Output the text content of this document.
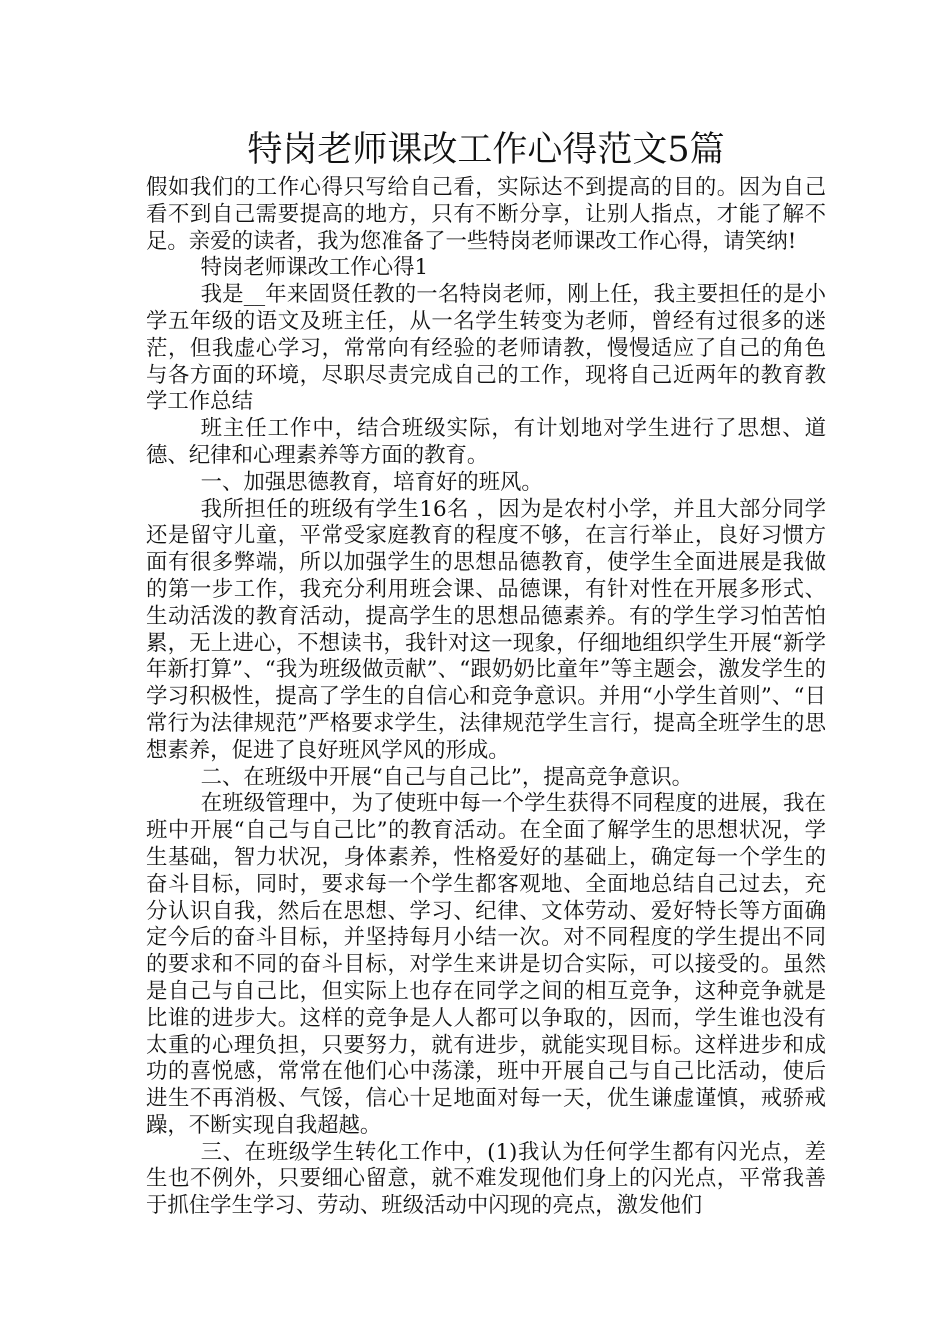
特岗老师课改工作心得范文5篇

假如我们的工作心得只写给自己看，实际达不到提高的目的。因为自己看不到自己需要提高的地方，只有不断分享，让别人指点，才能了解不足。亲爱的读者，我为您准备了一些特岗老师课改工作心得，请笑纳!

特岗老师课改工作心得1

我是__年来固贤任教的一名特岗老师，刚上任，我主要担任的是小学五年级的语文及班主任，从一名学生转变为老师，曾经有过很多的迷茫，但我虚心学习，常常向有经验的老师请教，慢慢适应了自己的角色与各方面的环境，尽职尽责完成自己的工作，现将自己近两年的教育教学工作总结

班主任工作中，结合班级实际，有计划地对学生进行了思想、道德、纪律和心理素养等方面的教育。

一、加强思德教育，培育好的班风。

我所担任的班级有学生16名 ，因为是农村小学，并且大部分同学还是留守儿童，平常受家庭教育的程度不够，在言行举止，良好习惯方面有很多弊端，所以加强学生的思想品德教育，使学生全面进展是我做的第一步工作，我充分利用班会课、品德课，有针对性在开展多形式、生动活泼的教育活动，提高学生的思想品德素养。有的学生学习怕苦怕累，无上进心，不想读书，我针对这一现象，仔细地组织学生开展“新学年新打算”、“我为班级做贡献”、“跟奶奶比童年”等主题会，激发学生的学习积极性，提高了学生的自信心和竞争意识。并用“小学生首则”、“日常行为法律规范”严格要求学生，法律规范学生言行，提高全班学生的思想素养，促进了良好班风学风的形成。

二、在班级中开展“自己与自己比”，提高竞争意识。

在班级管理中，为了使班中每一个学生获得不同程度的进展，我在班中开展“自己与自己比”的教育活动。在全面了解学生的思想状况，学生基础，智力状况，身体素养，性格爱好的基础上，确定每一个学生的奋斗目标，同时，要求每一个学生都客观地、全面地总结自己过去，充分认识自我，然后在思想、学习、纪律、文体劳动、爱好特长等方面确定今后的奋斗目标，并坚持每月小结一次。对不同程度的学生提出不同的要求和不同的奋斗目标，对学生来讲是切合实际，可以接受的。虽然是自己与自己比，但实际上也存在同学之间的相互竞争，这种竞争就是比谁的进步大。这样的竞争是人人都可以争取的，因而，学生谁也没有太重的心理负担，只要努力，就有进步，就能实现目标。这样进步和成功的喜悦感，常常在他们心中荡漾，班中开展自己与自己比活动，使后进生不再消极、气馁，信心十足地面对每一天，优生谦虚谨慎，戒骄戒躁，不断实现自我超越。

三、在班级学生转化工作中，(1)我认为任何学生都有闪光点，差生也不例外，只要细心留意，就不难发现他们身上的闪光点，平常我善于抓住学生学习、劳动、班级活动中闪现的亮点，激发他们
